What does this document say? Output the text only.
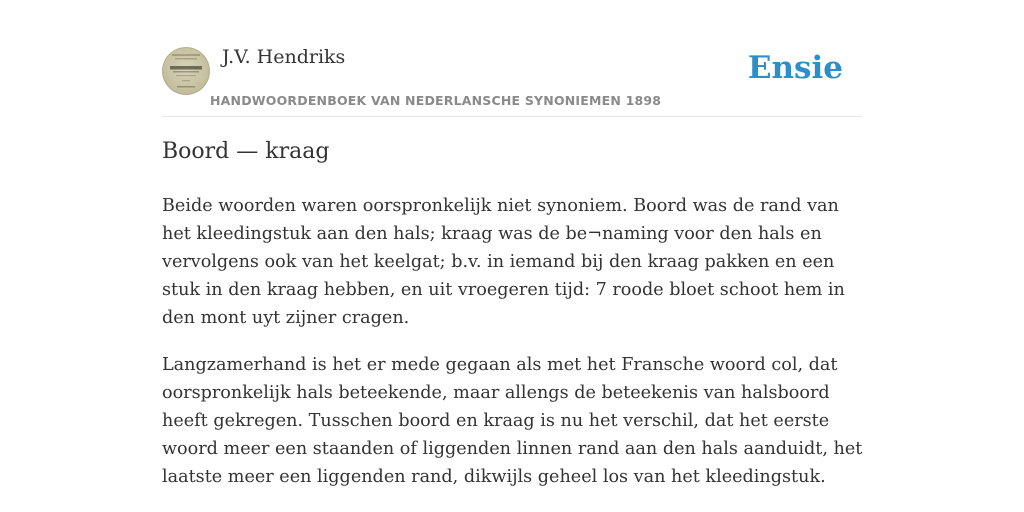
J.V. Hendriks
HANDWOORDENBOEK VAN NEDERLANSCHE SYNONIEMEN 1898
Ensie
Boord — kraag

Beide woorden waren oorspronkelijk niet synoniem. Boord was de rand van het kleedingstuk aan den hals; kraag was de be¬naming voor den hals en vervolgens ook van het keelgat; b.v. in iemand bij den kraag pakken en een stuk in den kraag hebben, en uit vroegeren tijd: 7 roode bloet schoot hem in den mont uyt zijner cragen.

Langzamerhand is het er mede gegaan als met het Fransche woord col, dat oorspronkelijk hals beteekende, maar allengs de beteekenis van halsboord heeft gekregen. Tusschen boord en kraag is nu het verschil, dat het eerste woord meer een staanden of liggenden linnen rand aan den hals aanduidt, het laatste meer een liggenden rand, dikwijls geheel los van het kleedingstuk.
